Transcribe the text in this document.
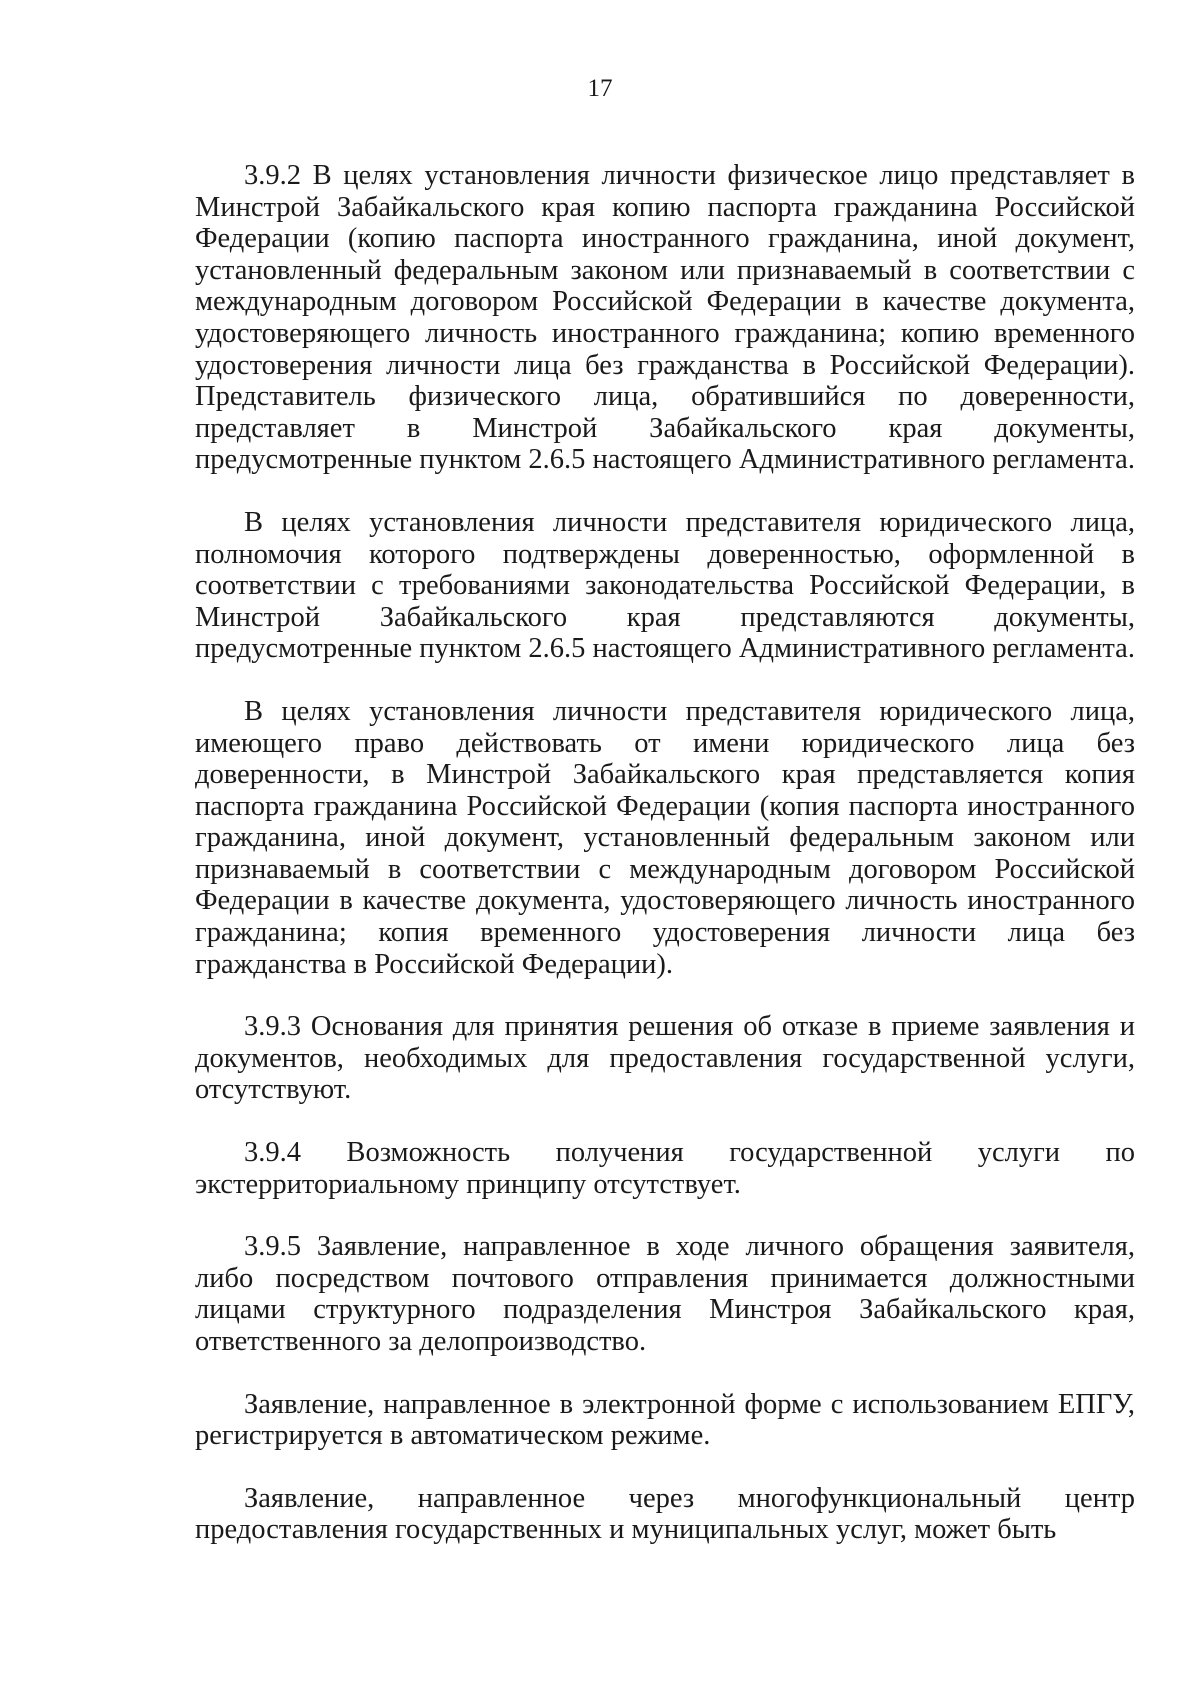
17

3.9.2 В целях установления личности физическое лицо представляет в Минстрой Забайкальского края копию паспорта гражданина Российской Федерации (копию паспорта иностранного гражданина, иной документ, установленный федеральным законом или признаваемый в соответствии с международным договором Российской Федерации в качестве документа, удостоверяющего личность иностранного гражданина; копию временного удостоверения личности лица без гражданства в Российской Федерации). Представитель физического лица, обратившийся по доверенности, представляет в Минстрой Забайкальского края документы, предусмотренные пунктом 2.6.5 настоящего Административного регламента.

В целях установления личности представителя юридического лица, полномочия которого подтверждены доверенностью, оформленной в соответствии с требованиями законодательства Российской Федерации, в Минстрой Забайкальского края представляются документы, предусмотренные пунктом 2.6.5 настоящего Административного регламента.

В целях установления личности представителя юридического лица, имеющего право действовать от имени юридического лица без доверенности, в Минстрой Забайкальского края представляется копия паспорта гражданина Российской Федерации (копия паспорта иностранного гражданина, иной документ, установленный федеральным законом или признаваемый в соответствии с международным договором Российской Федерации в качестве документа, удостоверяющего личность иностранного гражданина; копия временного удостоверения личности лица без гражданства в Российской Федерации).

3.9.3 Основания для принятия решения об отказе в приеме заявления и документов, необходимых для предоставления государственной услуги, отсутствуют.

3.9.4 Возможность получения государственной услуги по экстерриториальному принципу отсутствует.

3.9.5 Заявление, направленное в ходе личного обращения заявителя, либо посредством почтового отправления принимается должностными лицами структурного подразделения Минстроя Забайкальского края, ответственного за делопроизводство.

Заявление, направленное в электронной форме с использованием ЕПГУ, регистрируется в автоматическом режиме.

Заявление, направленное через многофункциональный центр предоставления государственных и муниципальных услуг, может быть
